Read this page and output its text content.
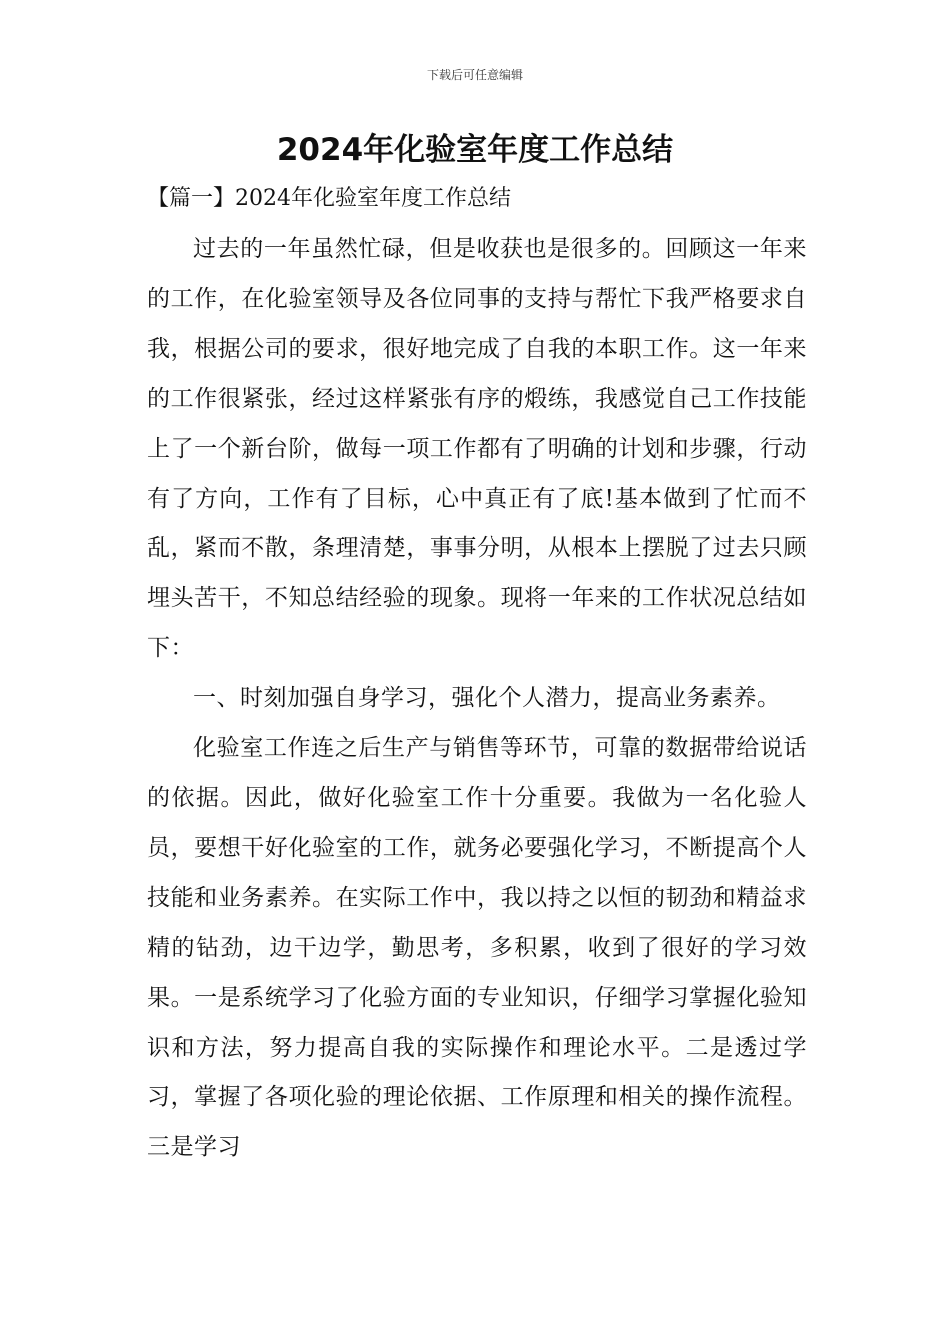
下载后可任意编辑
2024年化验室年度工作总结
【篇一】2024年化验室年度工作总结

过去的一年虽然忙碌，但是收获也是很多的。回顾这一年来的工作，在化验室领导及各位同事的支持与帮忙下我严格要求自我，根据公司的要求，很好地完成了自我的本职工作。这一年来的工作很紧张，经过这样紧张有序的煅练，我感觉自己工作技能上了一个新台阶，做每一项工作都有了明确的计划和步骤，行动有了方向，工作有了目标，心中真正有了底!基本做到了忙而不乱，紧而不散，条理清楚，事事分明，从根本上摆脱了过去只顾埋头苦干，不知总结经验的现象。现将一年来的工作状况总结如下：

一、时刻加强自身学习，强化个人潜力，提高业务素养。

化验室工作连之后生产与销售等环节，可靠的数据带给说话的依据。因此，做好化验室工作十分重要。我做为一名化验人员，要想干好化验室的工作，就务必要强化学习，不断提高个人技能和业务素养。在实际工作中，我以持之以恒的韧劲和精益求精的钻劲，边干边学，勤思考，多积累，收到了很好的学习效果。一是系统学习了化验方面的专业知识，仔细学习掌握化验知识和方法，努力提高自我的实际操作和理论水平。二是透过学习，掌握了各项化验的理论依据、工作原理和相关的操作流程。三是学习
